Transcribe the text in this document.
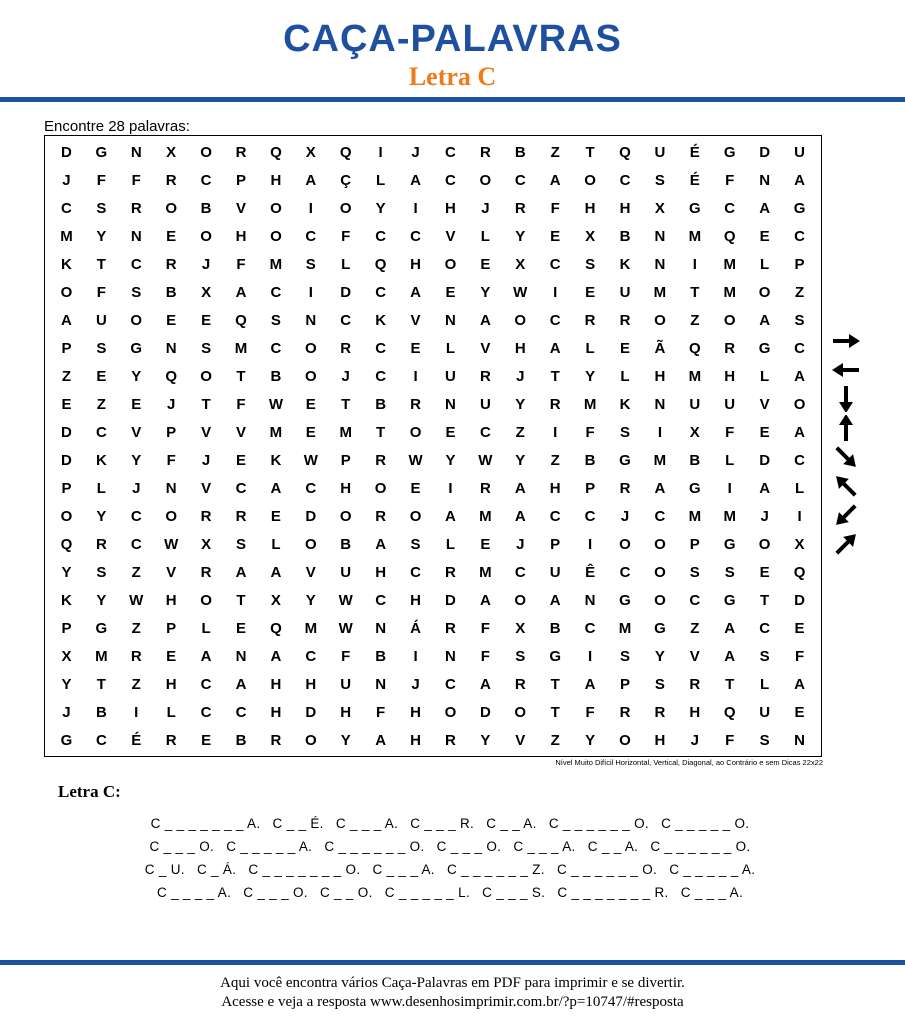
CAÇA-PALAVRAS
Letra C
Encontre 28 palavras:
D	G	N	X	O	R	Q	X	Q	I	J	C	R	B	Z	T	Q	U	É	G	D	U
J	F	F	R	C	P	H	A	Ç	L	A	C	O	C	A	O	C	S	É	F	N	A
C	S	R	O	B	V	O	I	O	Y	I	H	J	R	F	H	H	X	G	C	A	G
M	Y	N	E	O	H	O	C	F	C	C	V	L	Y	E	X	B	N	M	Q	E	C
K	T	C	R	J	F	M	S	L	Q	H	O	E	X	C	S	K	N	I	M	L	P
O	F	S	B	X	A	C	I	D	C	A	E	Y	W	I	E	U	M	T	M	O	Z
A	U	O	E	E	Q	S	N	C	K	V	N	A	O	C	R	R	O	Z	O	A	S
P	S	G	N	S	M	C	O	R	C	E	L	V	H	A	L	E	Ã	Q	R	G	C
Z	E	Y	Q	O	T	B	O	J	C	I	U	R	J	T	Y	L	H	M	H	L	A
E	Z	E	J	T	F	W	E	T	B	R	N	U	Y	R	M	K	N	U	U	V	O
D	C	V	P	V	V	M	E	M	T	O	E	C	Z	I	F	S	I	X	F	E	A
D	K	Y	F	J	E	K	W	P	R	W	Y	W	Y	Z	B	G	M	B	L	D	C
P	L	J	N	V	C	A	C	H	O	E	I	R	A	H	P	R	A	G	I	A	L
O	Y	C	O	R	R	E	D	O	R	O	A	M	A	C	C	J	C	M	M	J	I
Q	R	C	W	X	S	L	O	B	A	S	L	E	J	P	I	O	O	P	G	O	X
Y	S	Z	V	R	A	A	V	U	H	C	R	M	C	U	Ê	C	O	S	S	E	Q
K	Y	W	H	O	T	X	Y	W	C	H	D	A	O	A	N	G	O	C	G	T	D
P	G	Z	P	L	E	Q	M	W	N	Á	R	F	X	B	C	M	G	Z	A	C	E
X	M	R	E	A	N	A	C	F	B	I	N	F	S	G	I	S	Y	V	A	S	F
Y	T	Z	H	C	A	H	H	U	N	J	C	A	R	T	A	P	S	R	T	L	A
J	B	I	L	C	C	H	D	H	F	H	O	D	O	T	F	R	R	H	Q	U	E
G	C	É	R	E	B	R	O	Y	A	H	R	Y	V	Z	Y	O	H	J	F	S	N
Nível Muito Difícil Horizontal, Vertical, Diagonal, ao Contrário e sem Dicas 22x22
Letra C:
C _ _ _ _ _ _ _ A.   C _ _ É.   C _ _ _ A.   C _ _ _ R.   C _ _ A.   C _ _ _ _ _ _ O.   C _ _ _ _ _ O.
C _ _ _ O.   C _ _ _ _ _ A.   C _ _ _ _ _ _ O.   C _ _ _ O.   C _ _ _ A.   C _ _ A.   C _ _ _ _ _ _ O.
C _ U.   C _ Á.   C _ _ _ _ _ _ _ O.   C _ _ _ A.   C _ _ _ _ _ _ Z.   C _ _ _ _ _ _ O.   C _ _ _ _ _ A.
C _ _ _ _ A.   C _ _ _ O.   C _ _ O.   C _ _ _ _ _ L.   C _ _ _ S.   C _ _ _ _ _ _ _ R.   C _ _ _ A.
Aqui você encontra vários Caça-Palavras em PDF para imprimir e se divertir.
Acesse e veja a resposta www.desenhosimprimir.com.br/?p=10747/#resposta
